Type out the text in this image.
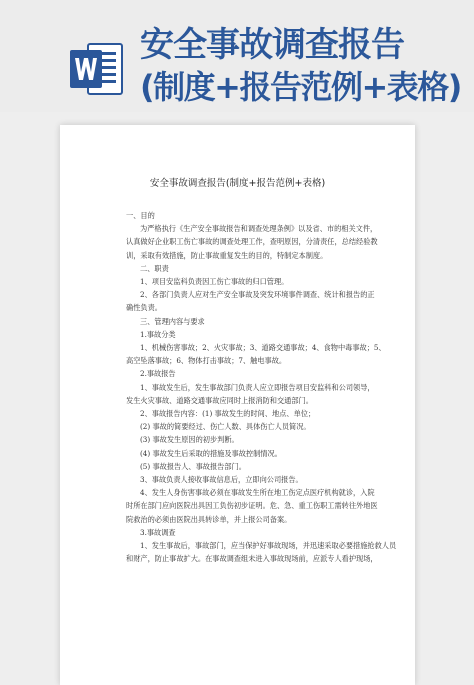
安全事故调查报告
(制度+报告范例+表格)
安全事故调查报告(制度+报告范例+表格)
一、目的
为严格执行《生产安全事故报告和调查处理条例》以及省、市的相关文件，
认真做好企业职工伤亡事故的调查处理工作，查明原因，分清责任，总结经验教
训，采取有效措施，防止事故重复发生的目的，特制定本制度。
二、职责
1、项目安监科负责因工伤亡事故的归口管理。
2、各部门负责人应对生产安全事故及突发环境事件调查、统计和报告的正
确性负责。
三、管理内容与要求
1.事故分类
1、机械伤害事故；2、火灾事故；3、道路交通事故；4、食物中毒事故；5、
高空坠落事故；6、物体打击事故；7、触电事故。
2.事故报告
1、事故发生后，发生事故部门负责人应立即报告项目安监科和公司领导，
发生火灾事故、道路交通事故应同时上报消防和交通部门。
2、事故报告内容：(1) 事故发生的时间、地点、单位；
(2) 事故的简要经过、伤亡人数、具体伤亡人员简况。
(3) 事故发生原因的初步判断。
(4) 事故发生后采取的措施及事故控制情况。
(5) 事故报告人、事故报告部门。
3、事故负责人接收事故信息后，立即向公司报告。
4、发生人身伤害事故必须在事故发生所在地工伤定点医疗机构就诊，入院
时所在部门应向医院出具因工负伤初步证明。危、急、重工伤职工需转往外地医
院救治的必须由医院出具转诊单，并上报公司备案。
3.事故调查
1、发生事故后，事故部门，应当保护好事故现场，并迅速采取必要措施抢救人员
和财产，防止事故扩大。在事故调查组未进入事故现场前，应派专人看护现场，
